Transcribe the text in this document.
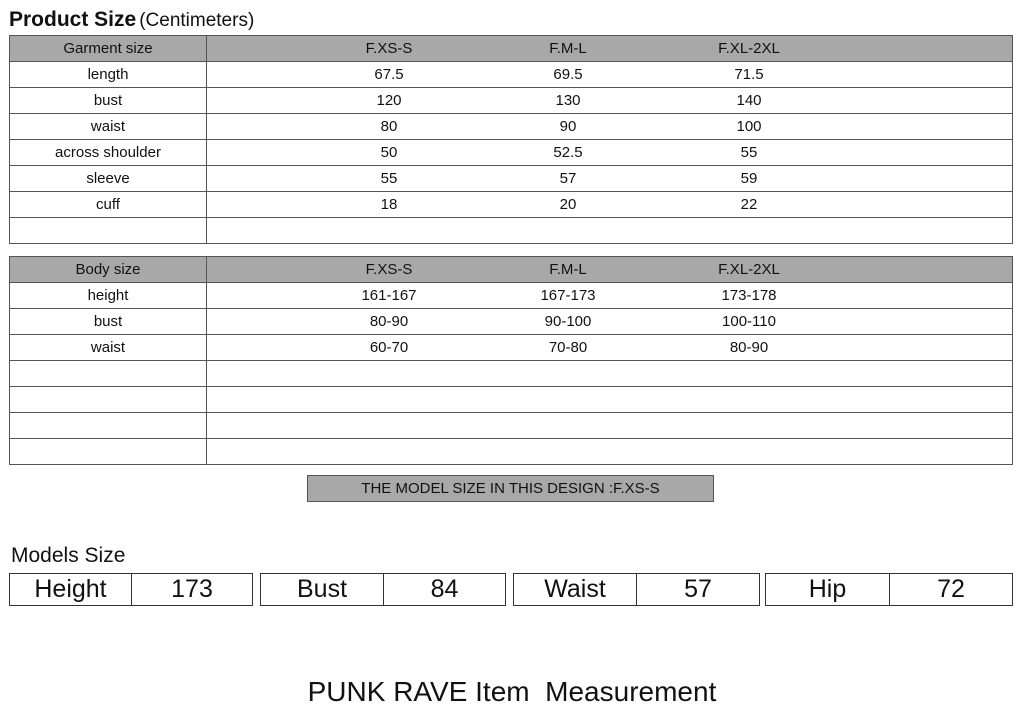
Product Size (Centimeters)
Garment size	F.XS-S F.M-L F.XL-2XL

length	67.5 69.5 71.5

bust	120 130 140

waist	80 90 100

across shoulder	50 52.5 55

sleeve	55 57 59

cuff	18 20 22

Body size	F.XS-S F.M-L F.XL-2XL

height	161-167 167-173 173-178

bust	80-90 90-100 100-110

waist	60-70 70-80 80-90

THE MODEL SIZE IN THIS DESIGN :F.XS-S
Models Size
Height	173	Bust	84	Waist	57	Hip	72
PUNK RAVE Item  Measurement
